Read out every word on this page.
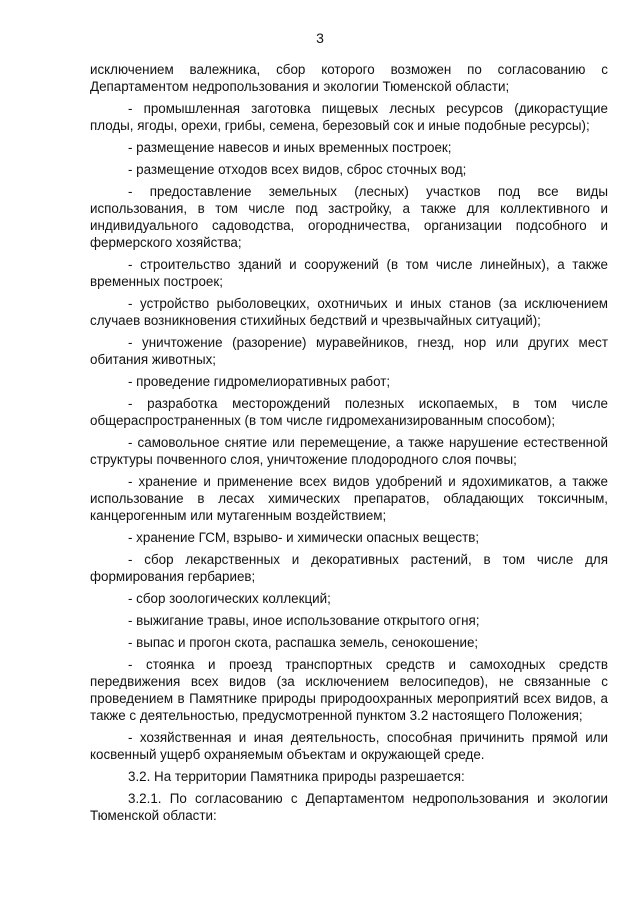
3

исключением валежника, сбор которого возможен по согласованию с Департаментом недропользования и экологии Тюменской области;

- промышленная заготовка пищевых лесных ресурсов (дикорастущие плоды, ягоды, орехи, грибы, семена, березовый сок и иные подобные ресурсы);

- размещение навесов и иных временных построек;

- размещение отходов всех видов, сброс сточных вод;

- предоставление земельных (лесных) участков под все виды использования, в том числе под застройку, а также для коллективного и индивидуального садоводства, огородничества, организации подсобного и фермерского хозяйства;

- строительство зданий и сооружений (в том числе линейных), а также временных построек;

- устройство рыболовецких, охотничьих и иных станов (за исключением случаев возникновения стихийных бедствий и чрезвычайных ситуаций);

- уничтожение (разорение) муравейников, гнезд, нор или других мест обитания животных;

- проведение гидромелиоративных работ;

- разработка месторождений полезных ископаемых, в том числе общераспространенных (в том числе гидромеханизированным способом);

- самовольное снятие или перемещение, а также нарушение естественной структуры почвенного слоя, уничтожение плодородного слоя почвы;

- хранение и применение всех видов удобрений и ядохимикатов, а также использование в лесах химических препаратов, обладающих токсичным, канцерогенным или мутагенным воздействием;

- хранение ГСМ, взрыво- и химически опасных веществ;

- сбор лекарственных и декоративных растений, в том числе для формирования гербариев;

- сбор зоологических коллекций;

- выжигание травы, иное использование открытого огня;

- выпас и прогон скота, распашка земель, сенокошение;

- стоянка и проезд транспортных средств и самоходных средств передвижения всех видов (за исключением велосипедов), не связанные с проведением в Памятнике природы природоохранных мероприятий всех видов, а также с деятельностью, предусмотренной пунктом 3.2 настоящего Положения;

- хозяйственная и иная деятельность, способная причинить прямой или косвенный ущерб охраняемым объектам и окружающей среде.

3.2. На территории Памятника природы разрешается:

3.2.1. По согласованию с Департаментом недропользования и экологии Тюменской области:
